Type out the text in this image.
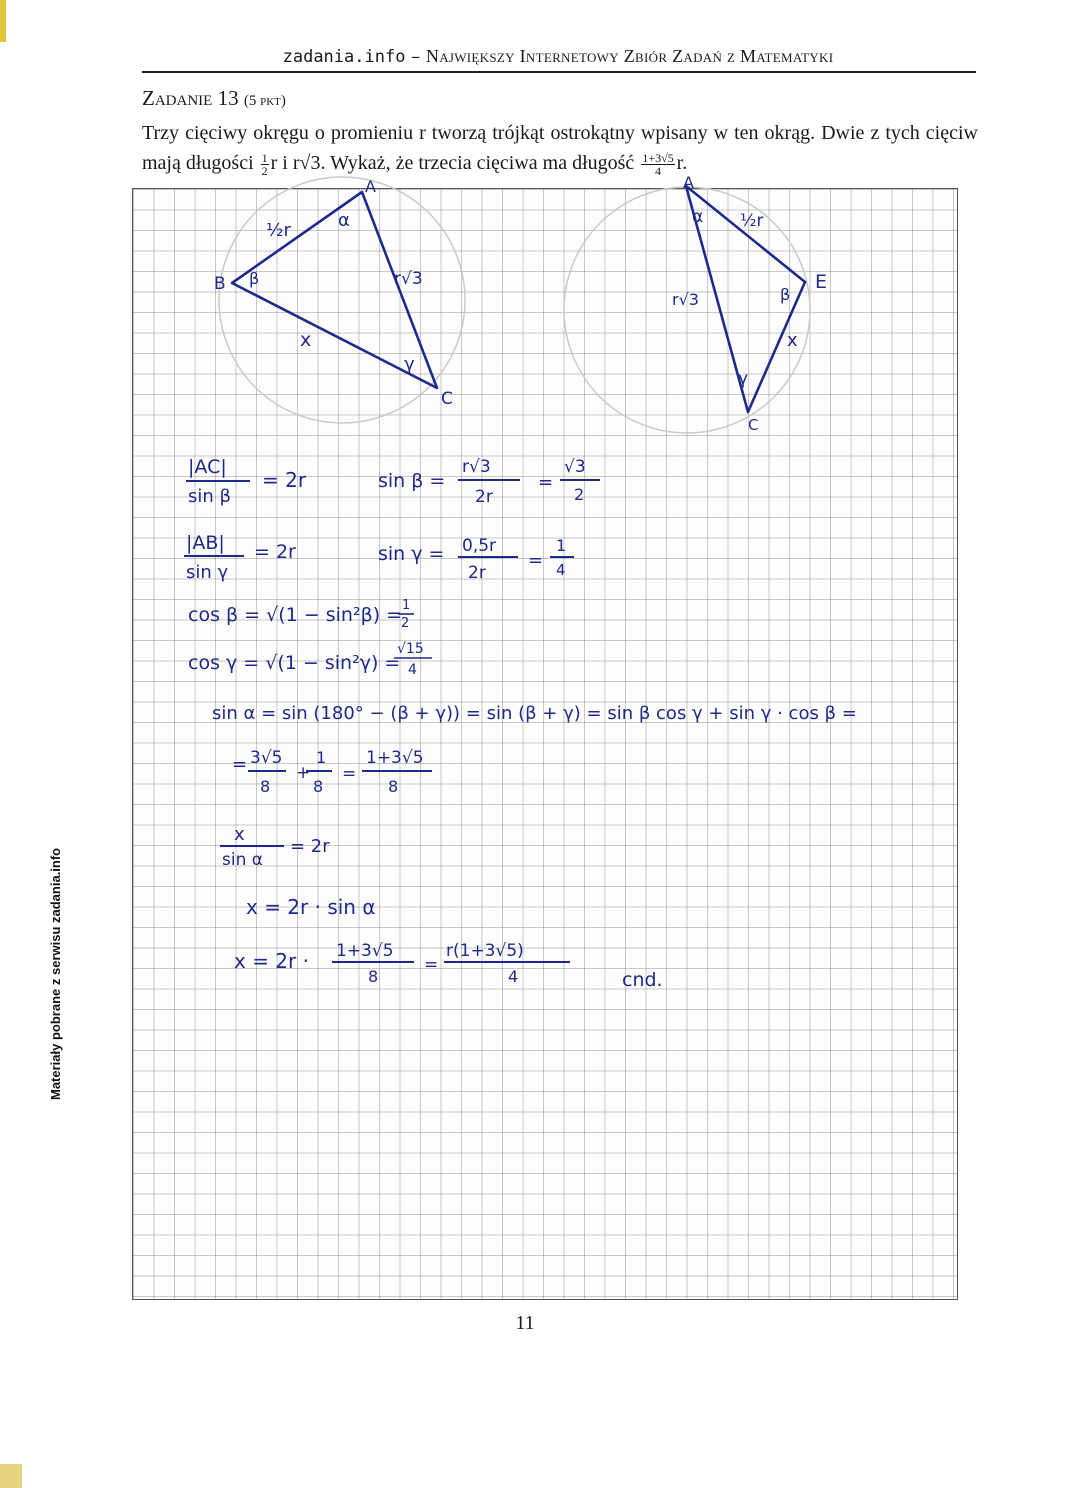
zadania.info – Największy Internetowy Zbiór Zadań z Matematyki
Materiały pobrane z serwisu zadania.info
Zadanie 13 (5 pkt)
Trzy cięciwy okręgu o promieniu r tworzą trójkąt ostrokątny wpisany w ten okrąg. Dwie z tych cięciw mają długości $\frac{1}{2}$ r i r√3. Wykaż, że trzecia cięciwa ma długość $\frac{1+3√5}{4} r$.
A
B
C
α
β
γ
½r
r√3
x
A
E
C
α
β
γ
½r
r√3
x
|AC|
sin β
= 2r	sin β =
r√3
2r
=
√3
2
|AB|
sin γ
= 2r	sin γ = 0,5r
2r
=
1
4
cos β = √(1 − sin²β) = 1
2
cos γ = √(1 − sin²γ) =
√15
4
sin α = sin (180° − (β + γ)) = sin (β + γ) = sin β cos γ + sin γ · cos β =
= 3√5
8
+
1
8
=
1+3√5
8
x
sin α
= 2r
x = 2r · sin α
x = 2r · 1+3√5
8
=
r(1+3√5)
4	cnd.
11
